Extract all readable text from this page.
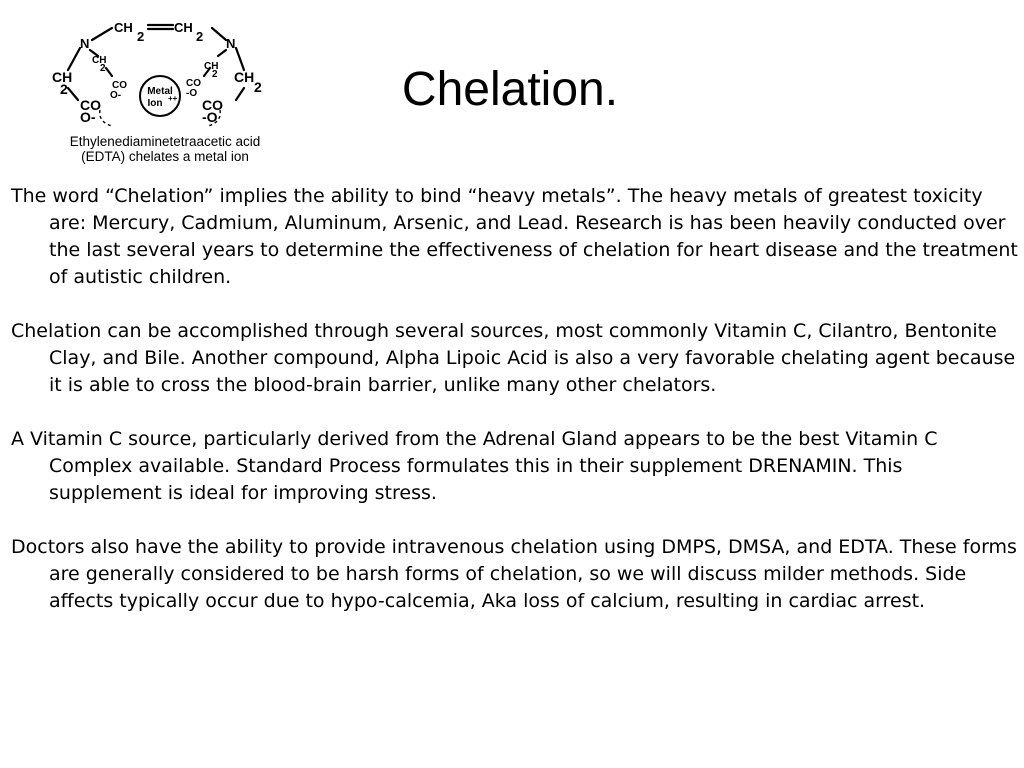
N	N
CH
2
CH
2
CH
2	CH
2
CH
2
CH
2
CO
O-
CO
-O
CO
O-
CO
-O
Metal
Ion ++
Ethylenediaminetetraacetic acid
(EDTA) chelates a metal ion
Chelation.

The word “Chelation” implies the ability to bind “heavy metals”. The heavy metals of greatest toxicity are: Mercury, Cadmium, Aluminum, Arsenic, and Lead. Research is has been heavily conducted over the last several years to determine the effectiveness of chelation for heart disease and the treatment of autistic children.

Chelation can be accomplished through several sources, most commonly Vitamin C, Cilantro, Bentonite Clay, and Bile. Another compound, Alpha Lipoic Acid is also a very favorable chelating agent because it is able to cross the blood-brain barrier, unlike many other chelators.

A Vitamin C source, particularly derived from the Adrenal Gland appears to be the best Vitamin C Complex available. Standard Process formulates this in their supplement DRENAMIN. This supplement is ideal for improving stress.

Doctors also have the ability to provide intravenous chelation using DMPS, DMSA, and EDTA. These forms are generally considered to be harsh forms of chelation, so we will discuss milder methods. Side affects typically occur due to hypo-calcemia, Aka loss of calcium, resulting in cardiac arrest.
